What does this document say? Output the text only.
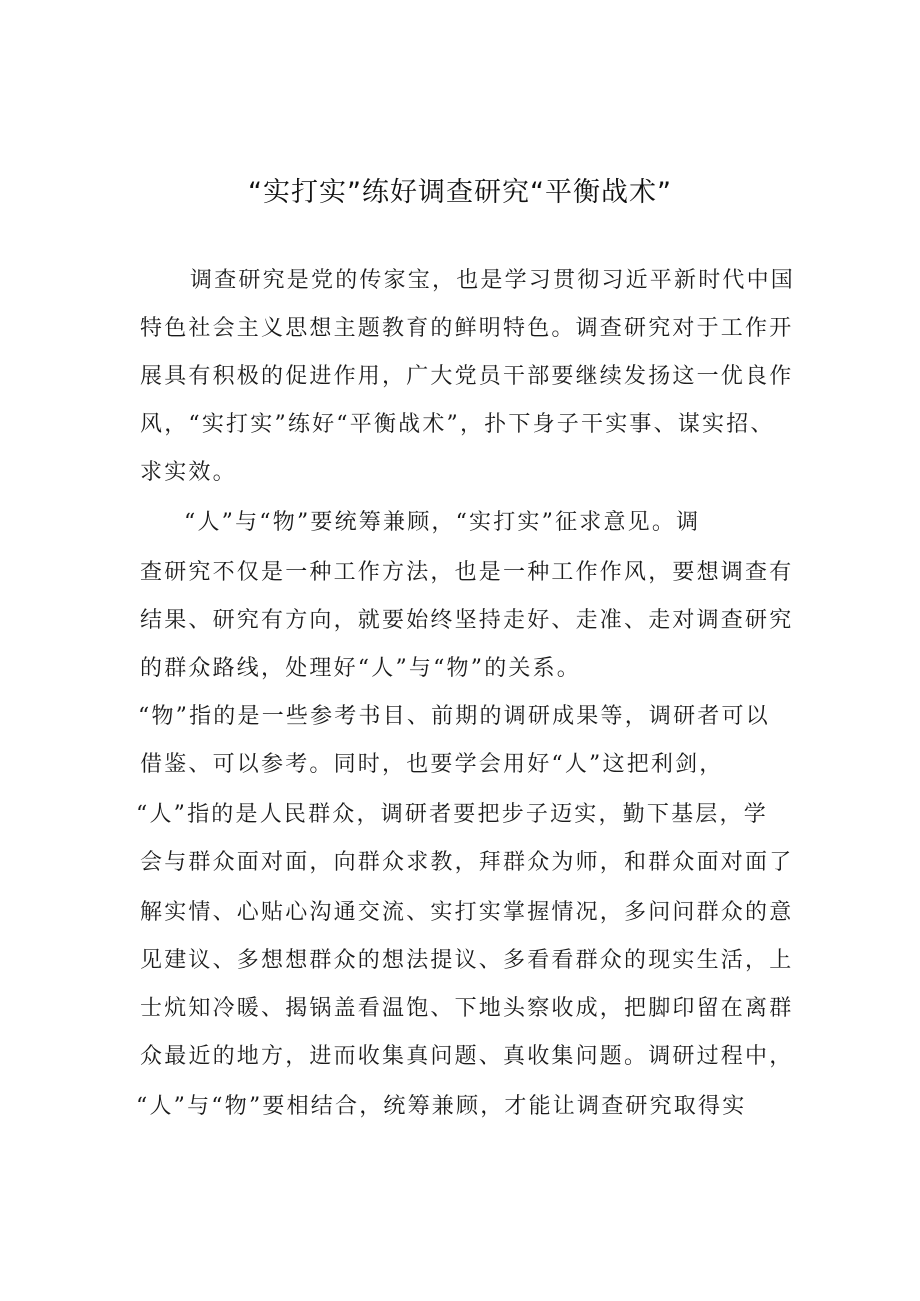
“实打实”练好调查研究“平衡战术”
调查研究是党的传家宝，也是学习贯彻习近平新时代中国
特色社会主义思想主题教育的鲜明特色。调查研究对于工作开
展具有积极的促进作用，广大党员干部要继续发扬这一优良作
风，“实打实”练好“平衡战术”，扑下身子干实事、谋实招、
求实效。
“人”与“物”要统筹兼顾，“实打实”征求意见。调
查研究不仅是一种工作方法，也是一种工作作风，要想调查有
结果、研究有方向，就要始终坚持走好、走准、走对调查研究
的群众路线，处理好“人”与“物”的关系。
“物”指的是一些参考书目、前期的调研成果等，调研者可以
借鉴、可以参考。同时，也要学会用好“人”这把利剑，
“人”指的是人民群众，调研者要把步子迈实，勤下基层，学
会与群众面对面，向群众求教，拜群众为师，和群众面对面了
解实情、心贴心沟通交流、实打实掌握情况，多问问群众的意
见建议、多想想群众的想法提议、多看看群众的现实生活，上
士炕知冷暖、揭锅盖看温饱、下地头察收成，把脚印留在离群
众最近的地方，进而收集真问题、真收集问题。调研过程中，
“人”与“物”要相结合，统筹兼顾，才能让调查研究取得实
